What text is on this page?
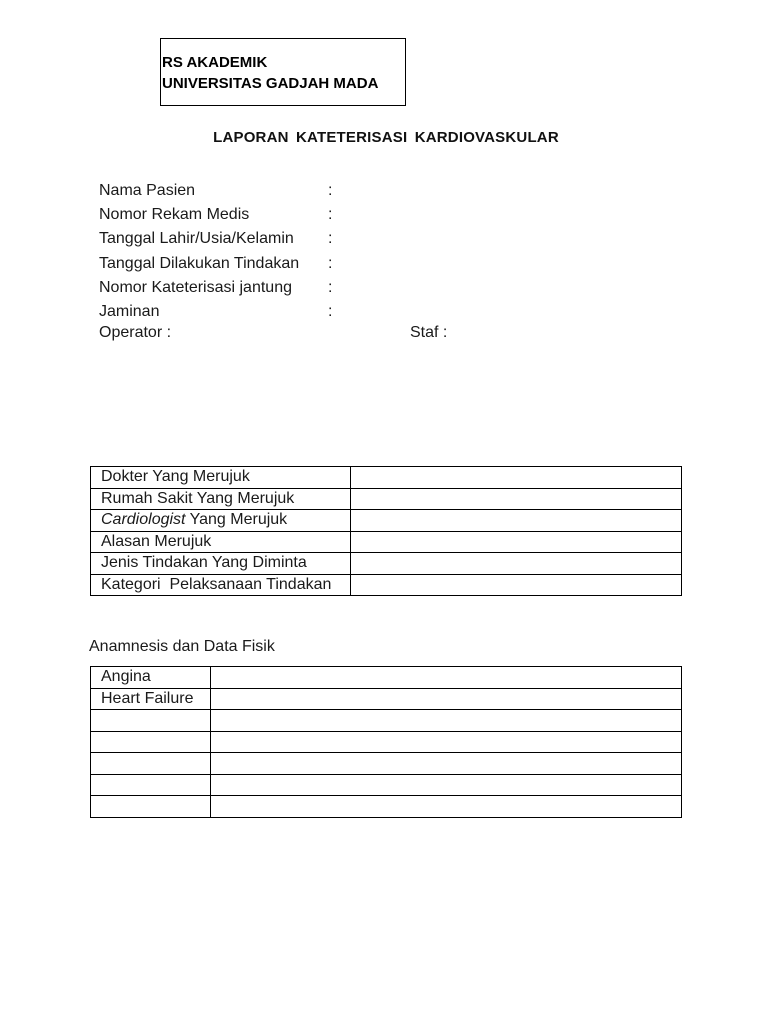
RS AKADEMIK
UNIVERSITAS GADJAH MADA
LAPORAN KATETERISASI KARDIOVASKULAR
Nama Pasien	:
Nomor Rekam Medis	:
Tanggal Lahir/Usia/Kelamin :
Tanggal Dilakukan Tindakan :
Nomor Kateterisasi jantung :
Jaminan	:
Operator :	Staf :
Dokter Yang Merujuk	
Rumah Sakit Yang Merujuk	
Cardiologist Yang Merujuk	
Alasan Merujuk	
Jenis Tindakan Yang Diminta	
Kategori  Pelaksanaan Tindakan	
Anamnesis dan Data Fisik
Angina	
Heart Failure	
